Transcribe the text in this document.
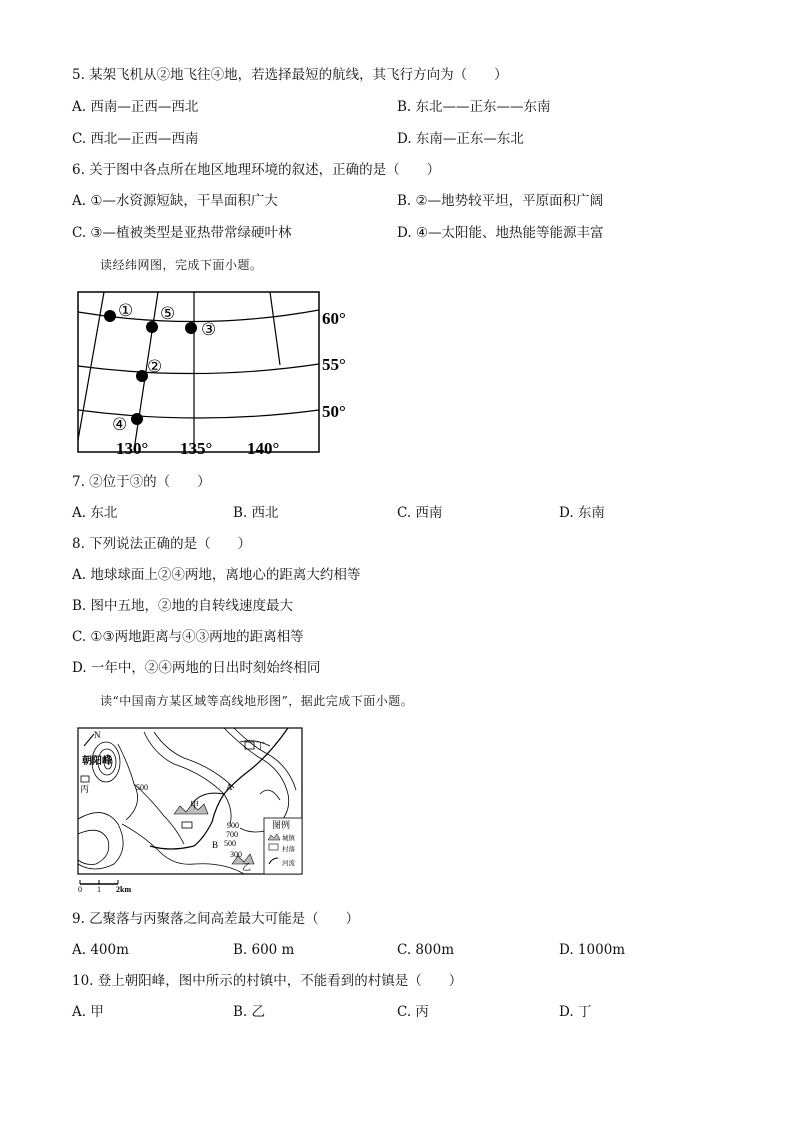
5. 某架飞机从②地飞往④地，若选择最短的航线，其飞行方向为（　　）
A. 西南—正西—西北	B. 东北——正东——东南
C. 西北—正西—西南	D. 东南—正东—东北
6. 关于图中各点所在地区地理环境的叙述，正确的是（　　）
A. ①—水资源短缺，干旱面积广大	B. ②—地势较平坦，平原面积广阔
C. ③—植被类型是亚热带常绿硬叶林	D. ④—太阳能、地热能等能源丰富
读经纬网图，完成下面小题。
① ⑤
③
②
④
60°
55°
50°
130° 135° 140°
7. ②位于③的（　　）
A. 东北	B. 西北	C. 西南	D. 东南
8. 下列说法正确的是（　　）
A. 地球球面上②④两地，离地心的距离大约相等
B. 图中五地，②地的自转线速度最大
C. ①③两地距离与④③两地的距离相等
D. 一年中，②④两地的日出时刻始终相同
读“中国南方某区域等高线地形图”，据此完成下面小题。
N
朝阳峰
丙	500
丁
甲
A
B
乙
900
700
500
300
图例
城镇
村落
河流
0 1 2km
9. 乙聚落与丙聚落之间高差最大可能是（　　）
A. 400m	B. 600 m	C. 800m	D. 1000m
10. 登上朝阳峰，图中所示的村镇中，不能看到的村镇是（　　）
A. 甲	B. 乙	C. 丙	D. 丁
